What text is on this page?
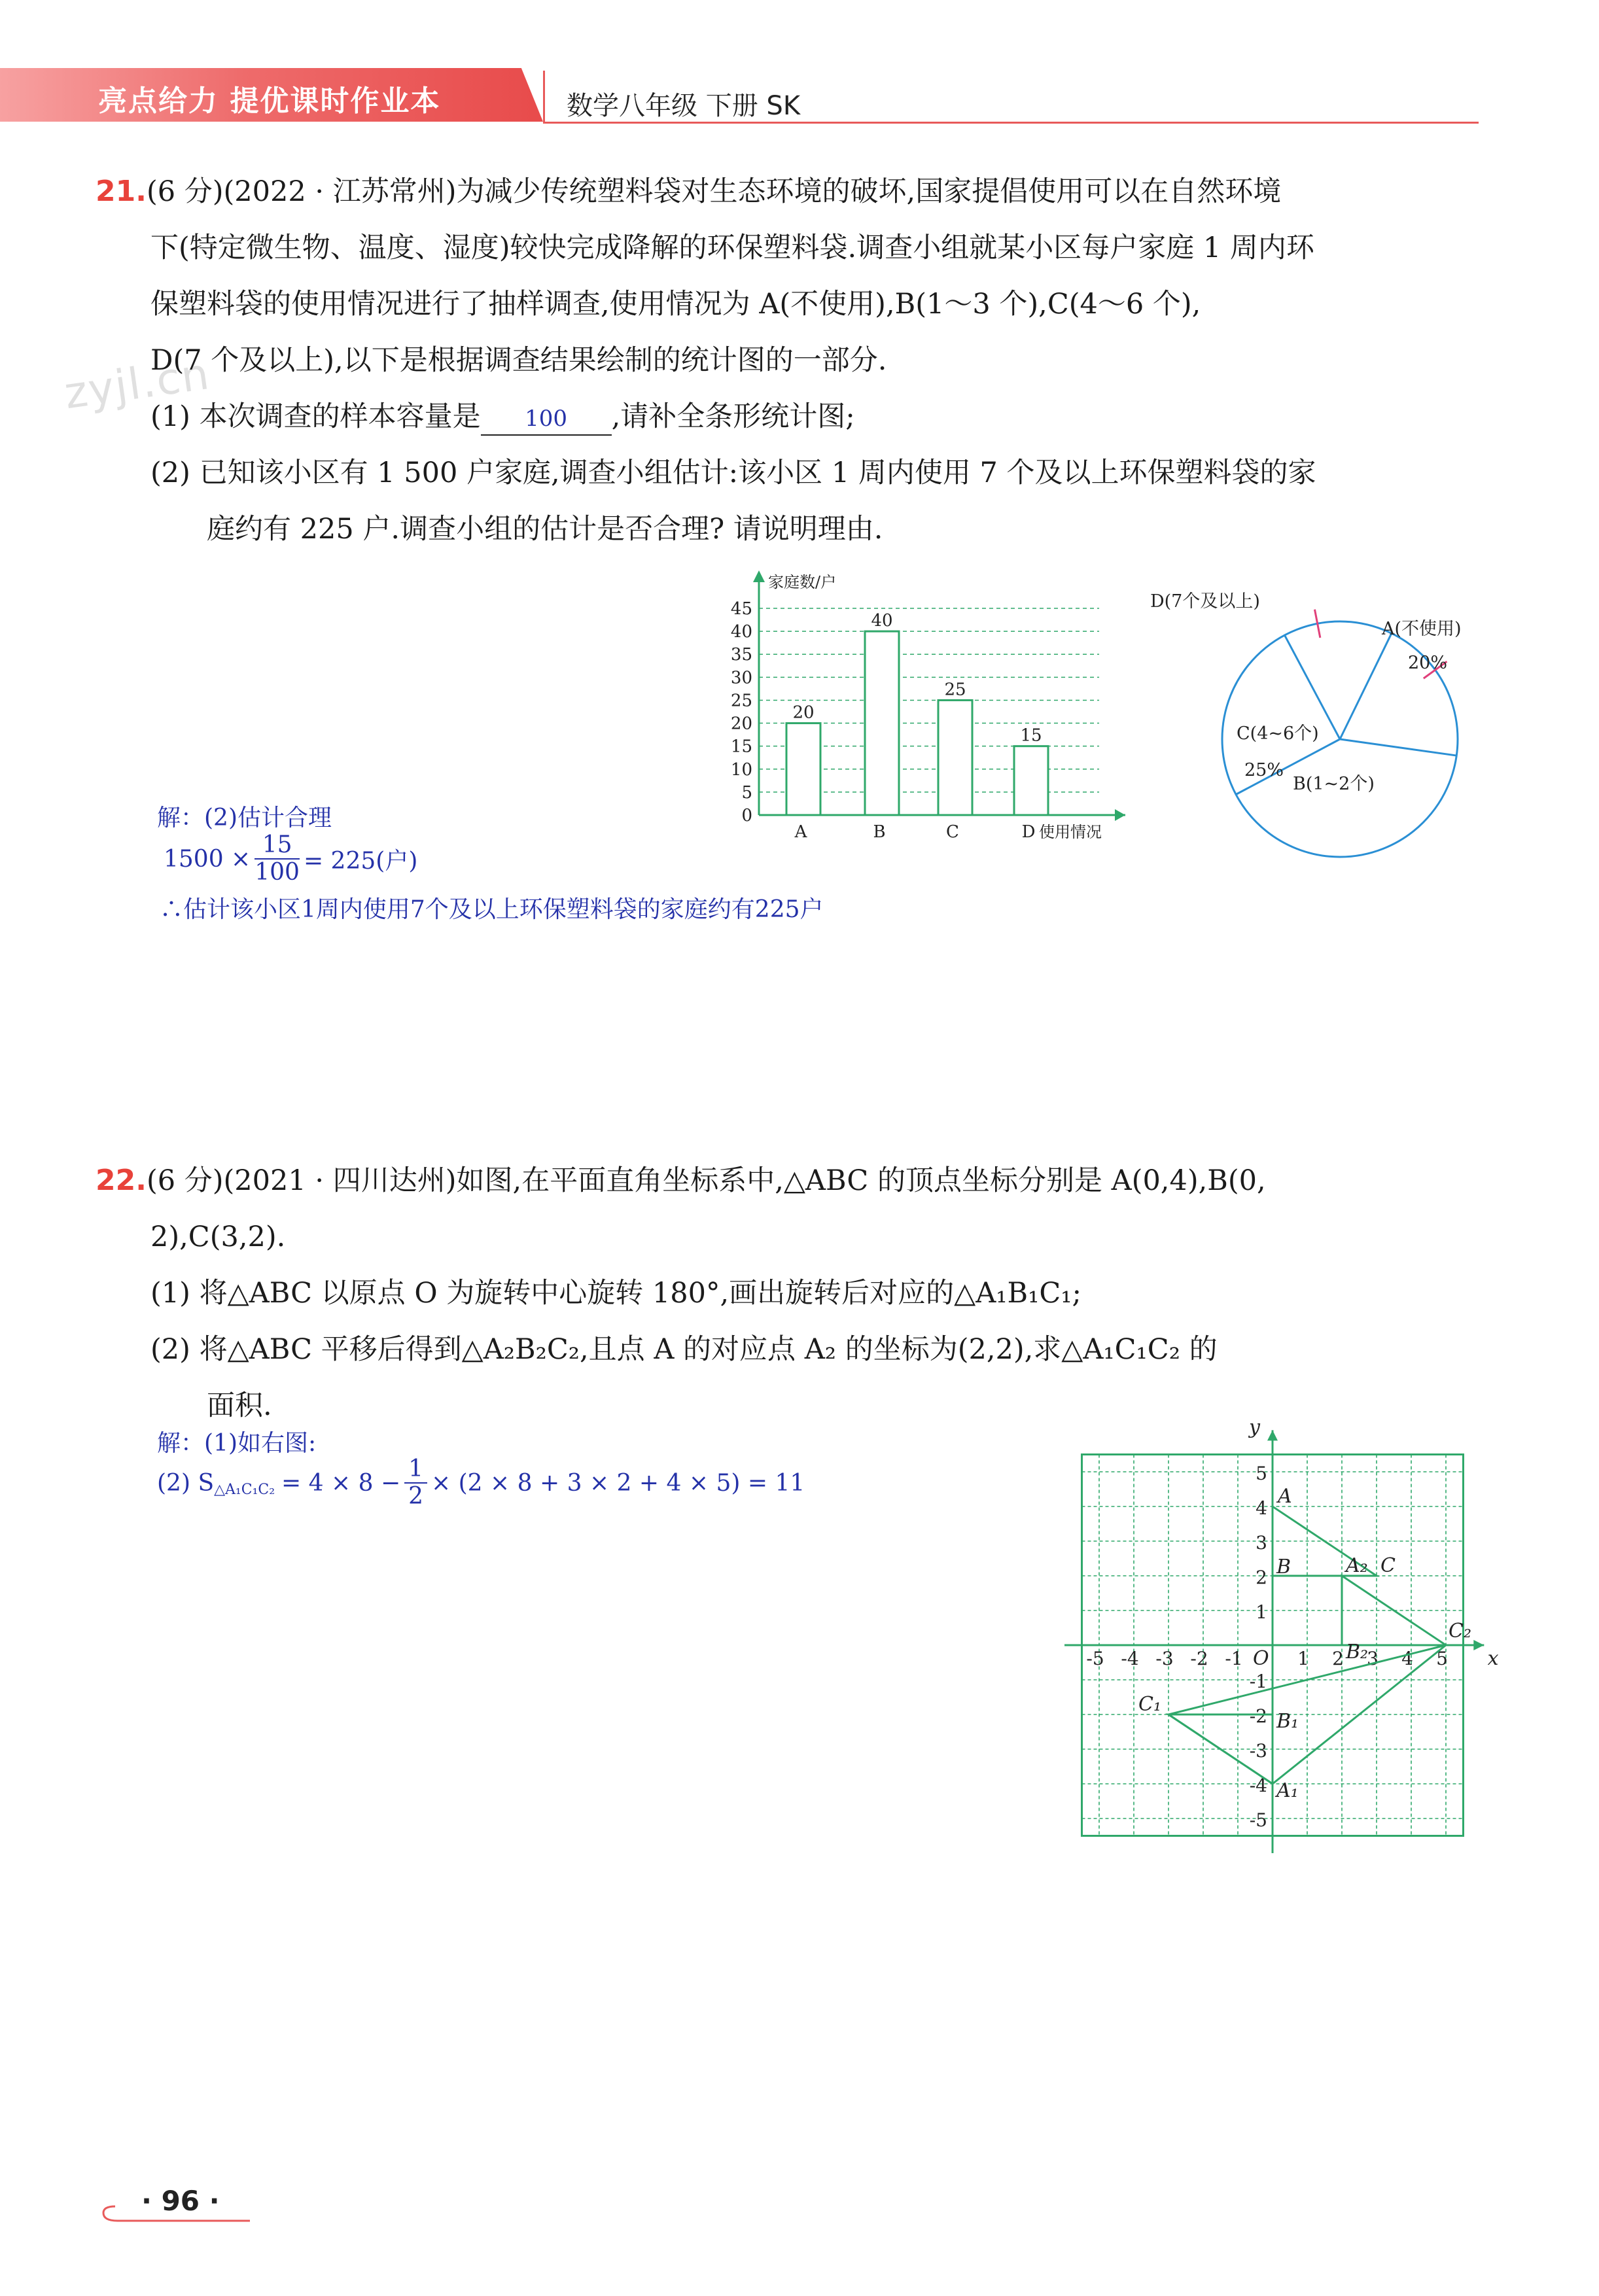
亮点给力 提优课时作业本	数学八年级 下册 SK
zyjl.cn
21.(6 分)(2022 · 江苏常州)为减少传统塑料袋对生态环境的破坏,国家提倡使用可以在自然环境
下(特定微生物、温度、湿度)较快完成降解的环保塑料袋.调查小组就某小区每户家庭 1 周内环
保塑料袋的使用情况进行了抽样调查,使用情况为 A(不使用),B(1～3 个),C(4～6 个),
D(7 个及以上),以下是根据调查结果绘制的统计图的一部分.
(1) 本次调查的样本容量是 100 ,请补全条形统计图;
(2) 已知该小区有 1 500 户家庭,调查小组估计:该小区 1 周内使用 7 个及以上环保塑料袋的家
庭约有 225 户.调查小组的估计是否合理? 请说明理由.
0
5
10
15
20
25
30
35
40
45
家庭数/户
使用情况
20
A
40
B
25
C
15
D
D(7个及以上)
A(不使用)
20%
B(1~2个)
C(4~6个)
25%
解：(2)估计合理
$1500 \times \frac{15}{100} = 225$(户)
∴估计该小区1周内使用7个及以上环保塑料袋的家庭约有225户
22.(6 分)(2021 · 四川达州)如图,在平面直角坐标系中,△ABC 的顶点坐标分别是 A(0,4),B(0,
2),C(3,2).
(1) 将△ABC 以原点 O 为旋转中心旋转 180°,画出旋转后对应的△A₁B₁C₁;
(2) 将△ABC 平移后得到△A₂B₂C₂,且点 A 的对应点 A₂ 的坐标为(2,2),求△A₁C₁C₂ 的
面积.
解：(1)如右图:
(2) S △A₁C₁C₂ = $4 \times 8 - \frac{1}{2} \times (2 \times 8 + 3 \times 2 + 4 \times 5) = 11$
x
y
O
-5 -4 -3 -2 -1	1 2 3 4 5
5
4
3
2
1
-1
-2
-3
-4
-5
A
B	C
A₁
B₁
C₁
A₂
B₂
C₂
· 96 ·
